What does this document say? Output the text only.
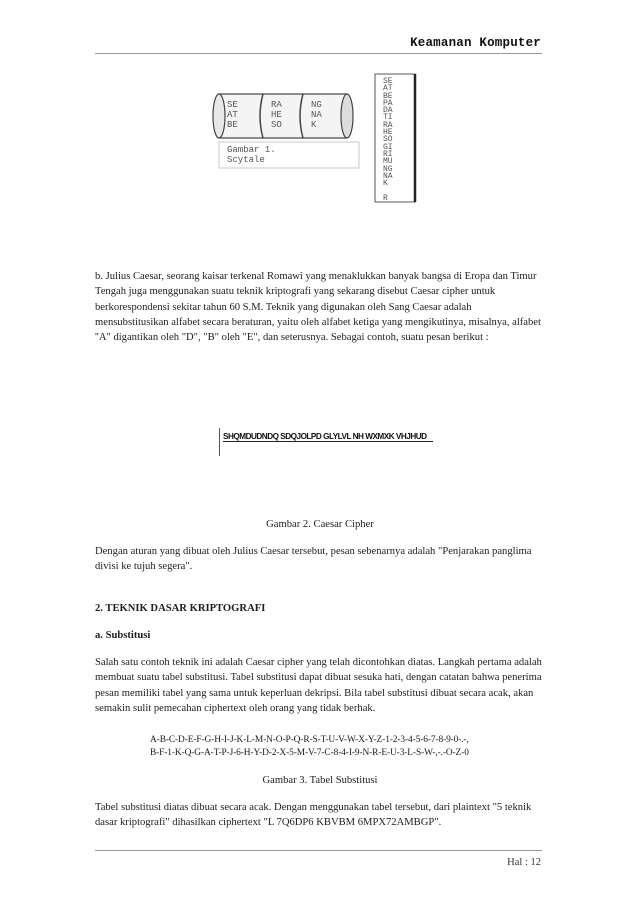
Keamanan Komputer
SE
AT
BE
RA
HE
SO
NG
NA
K
SE
AT
BE
PA
DA
TI
RA
HE
SO
GI
RI
MU
NG
NA
K

R
Gambar 1.
Scytale
b. Julius Caesar, seorang kaisar terkenal Romawi yang menaklukkan banyak bangsa di Eropa dan Timur Tengah juga menggunakan suatu teknik kriptografi yang sekarang disebut Caesar cipher untuk berkorespondensi sekitar tahun 60 S.M. Teknik yang digunakan oleh Sang Caesar adalah mensubstitusikan alfabet secara beraturan, yaitu oleh alfabet ketiga yang mengikutinya, misalnya, alfabet ''A" digantikan oleh "D", "B" oleh "E", dan seterusnya. Sebagai contoh, suatu pesan berikut :
SHQMDUDNDQ SDQJOLPD GLYLVL NH WXMXK VHJHUD
Gambar 2. Caesar Cipher
Dengan aturan yang dibuat oleh Julius Caesar tersebut, pesan sebenarnya adalah "Penjarakan panglima divisi ke tujuh segera".
2. TEKNIK DASAR KRIPTOGRAFI
a. Substitusi
Salah satu contoh teknik ini adalah Caesar cipher yang telah dicontohkan diatas. Langkah pertama adalah membuat suatu tabel substitusi. Tabel substitusi dapat dibuat sesuka hati, dengan catatan bahwa penerima pesan memiliki tabel yang sama untuk keperluan dekripsi. Bila tabel substitusi dibuat secara acak, akan semakin sulit pemecahan ciphertext oleh orang yang tidak berhak.
A-B-C-D-E-F-G-H-I-J-K-L-M-N-O-P-Q-R-S-T-U-V-W-X-Y-Z-1-2-3-4-5-6-7-8-9-0-.-,
B-F-1-K-Q-G-A-T-P-J-6-H-Y-D-2-X-5-M-V-7-C-8-4-I-9-N-R-E-U-3-L-S-W-,-.-O-Z-0
Gambar 3. Tabel Substitusi
Tabel substitusi diatas dibuat secara acak. Dengan menggunakan tabel tersebut, dari plaintext "5 teknik dasar kriptografi" dihasilkan ciphertext "L 7Q6DP6 KBVBM 6MPX72AMBGP".
Hal : 12
